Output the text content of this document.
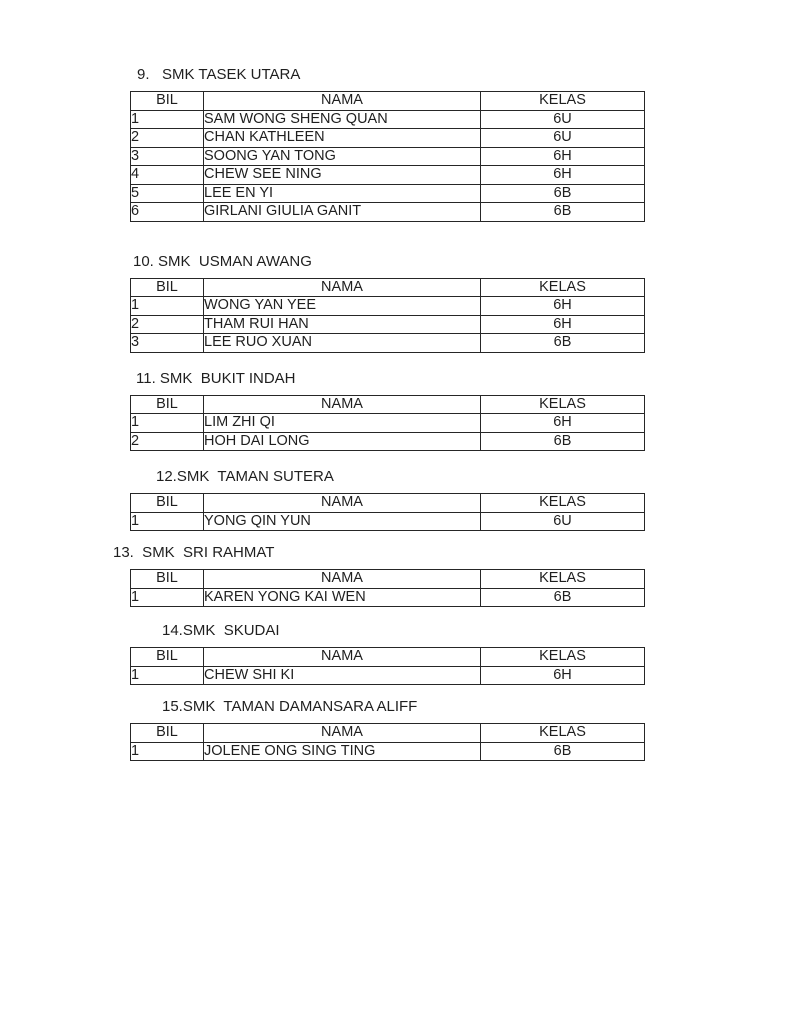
9.   SMK TASEK UTARA
BIL	NAMA	KELAS
1	SAM WONG SHENG QUAN	6U
2	CHAN KATHLEEN	6U
3	SOONG YAN TONG	6H
4	CHEW SEE NING	6H
5	LEE EN YI	6B
6	GIRLANI GIULIA GANIT	6B
10. SMK  USMAN AWANG
BIL	NAMA	KELAS
1	WONG YAN YEE	6H
2	THAM RUI HAN	6H
3	LEE RUO XUAN	6B
11. SMK  BUKIT INDAH
BIL	NAMA	KELAS
1	LIM ZHI QI	6H
2	HOH DAI LONG	6B
12.SMK  TAMAN SUTERA
BIL	NAMA	KELAS
1	YONG QIN YUN	6U
13.  SMK  SRI RAHMAT
BIL	NAMA	KELAS
1	KAREN YONG KAI WEN	6B
14.SMK  SKUDAI
BIL	NAMA	KELAS
1	CHEW SHI KI	6H
15.SMK  TAMAN DAMANSARA ALIFF
BIL	NAMA	KELAS
1	JOLENE ONG SING TING	6B
